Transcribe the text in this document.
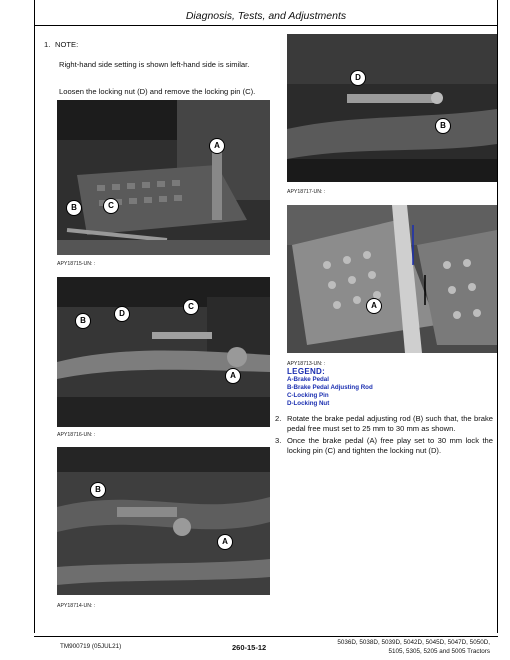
Diagnosis, Tests, and Adjustments
1. NOTE:
Right-hand side setting is shown left-hand side is similar.
Loosen the locking nut (D) and remove the locking pin (C).
A
B	C
APY18715-UN: :
B
D
C
A
APY18716-UN: :
B
A
APY18714-UN: :
D
B
APY18717-UN: :
A
APY18713-UN: :
LEGEND:
A-Brake Pedal
B-Brake Pedal Adjusting Rod
C-Locking Pin
D-Locking Nut
2. Rotate the brake pedal adjusting rod (B) such that, the brake pedal free must set to 25 mm to 30 mm as shown.
3. Once the brake pedal (A) free play set to 30 mm lock the locking pin (C) and tighten the locking nut (D).
TM900719 (05JUL21)	260-15-12
5036D, 5038D, 5039D, 5042D, 5045D, 5047D, 5050D,
5105, 5305, 5205 and 5005 Tractors
